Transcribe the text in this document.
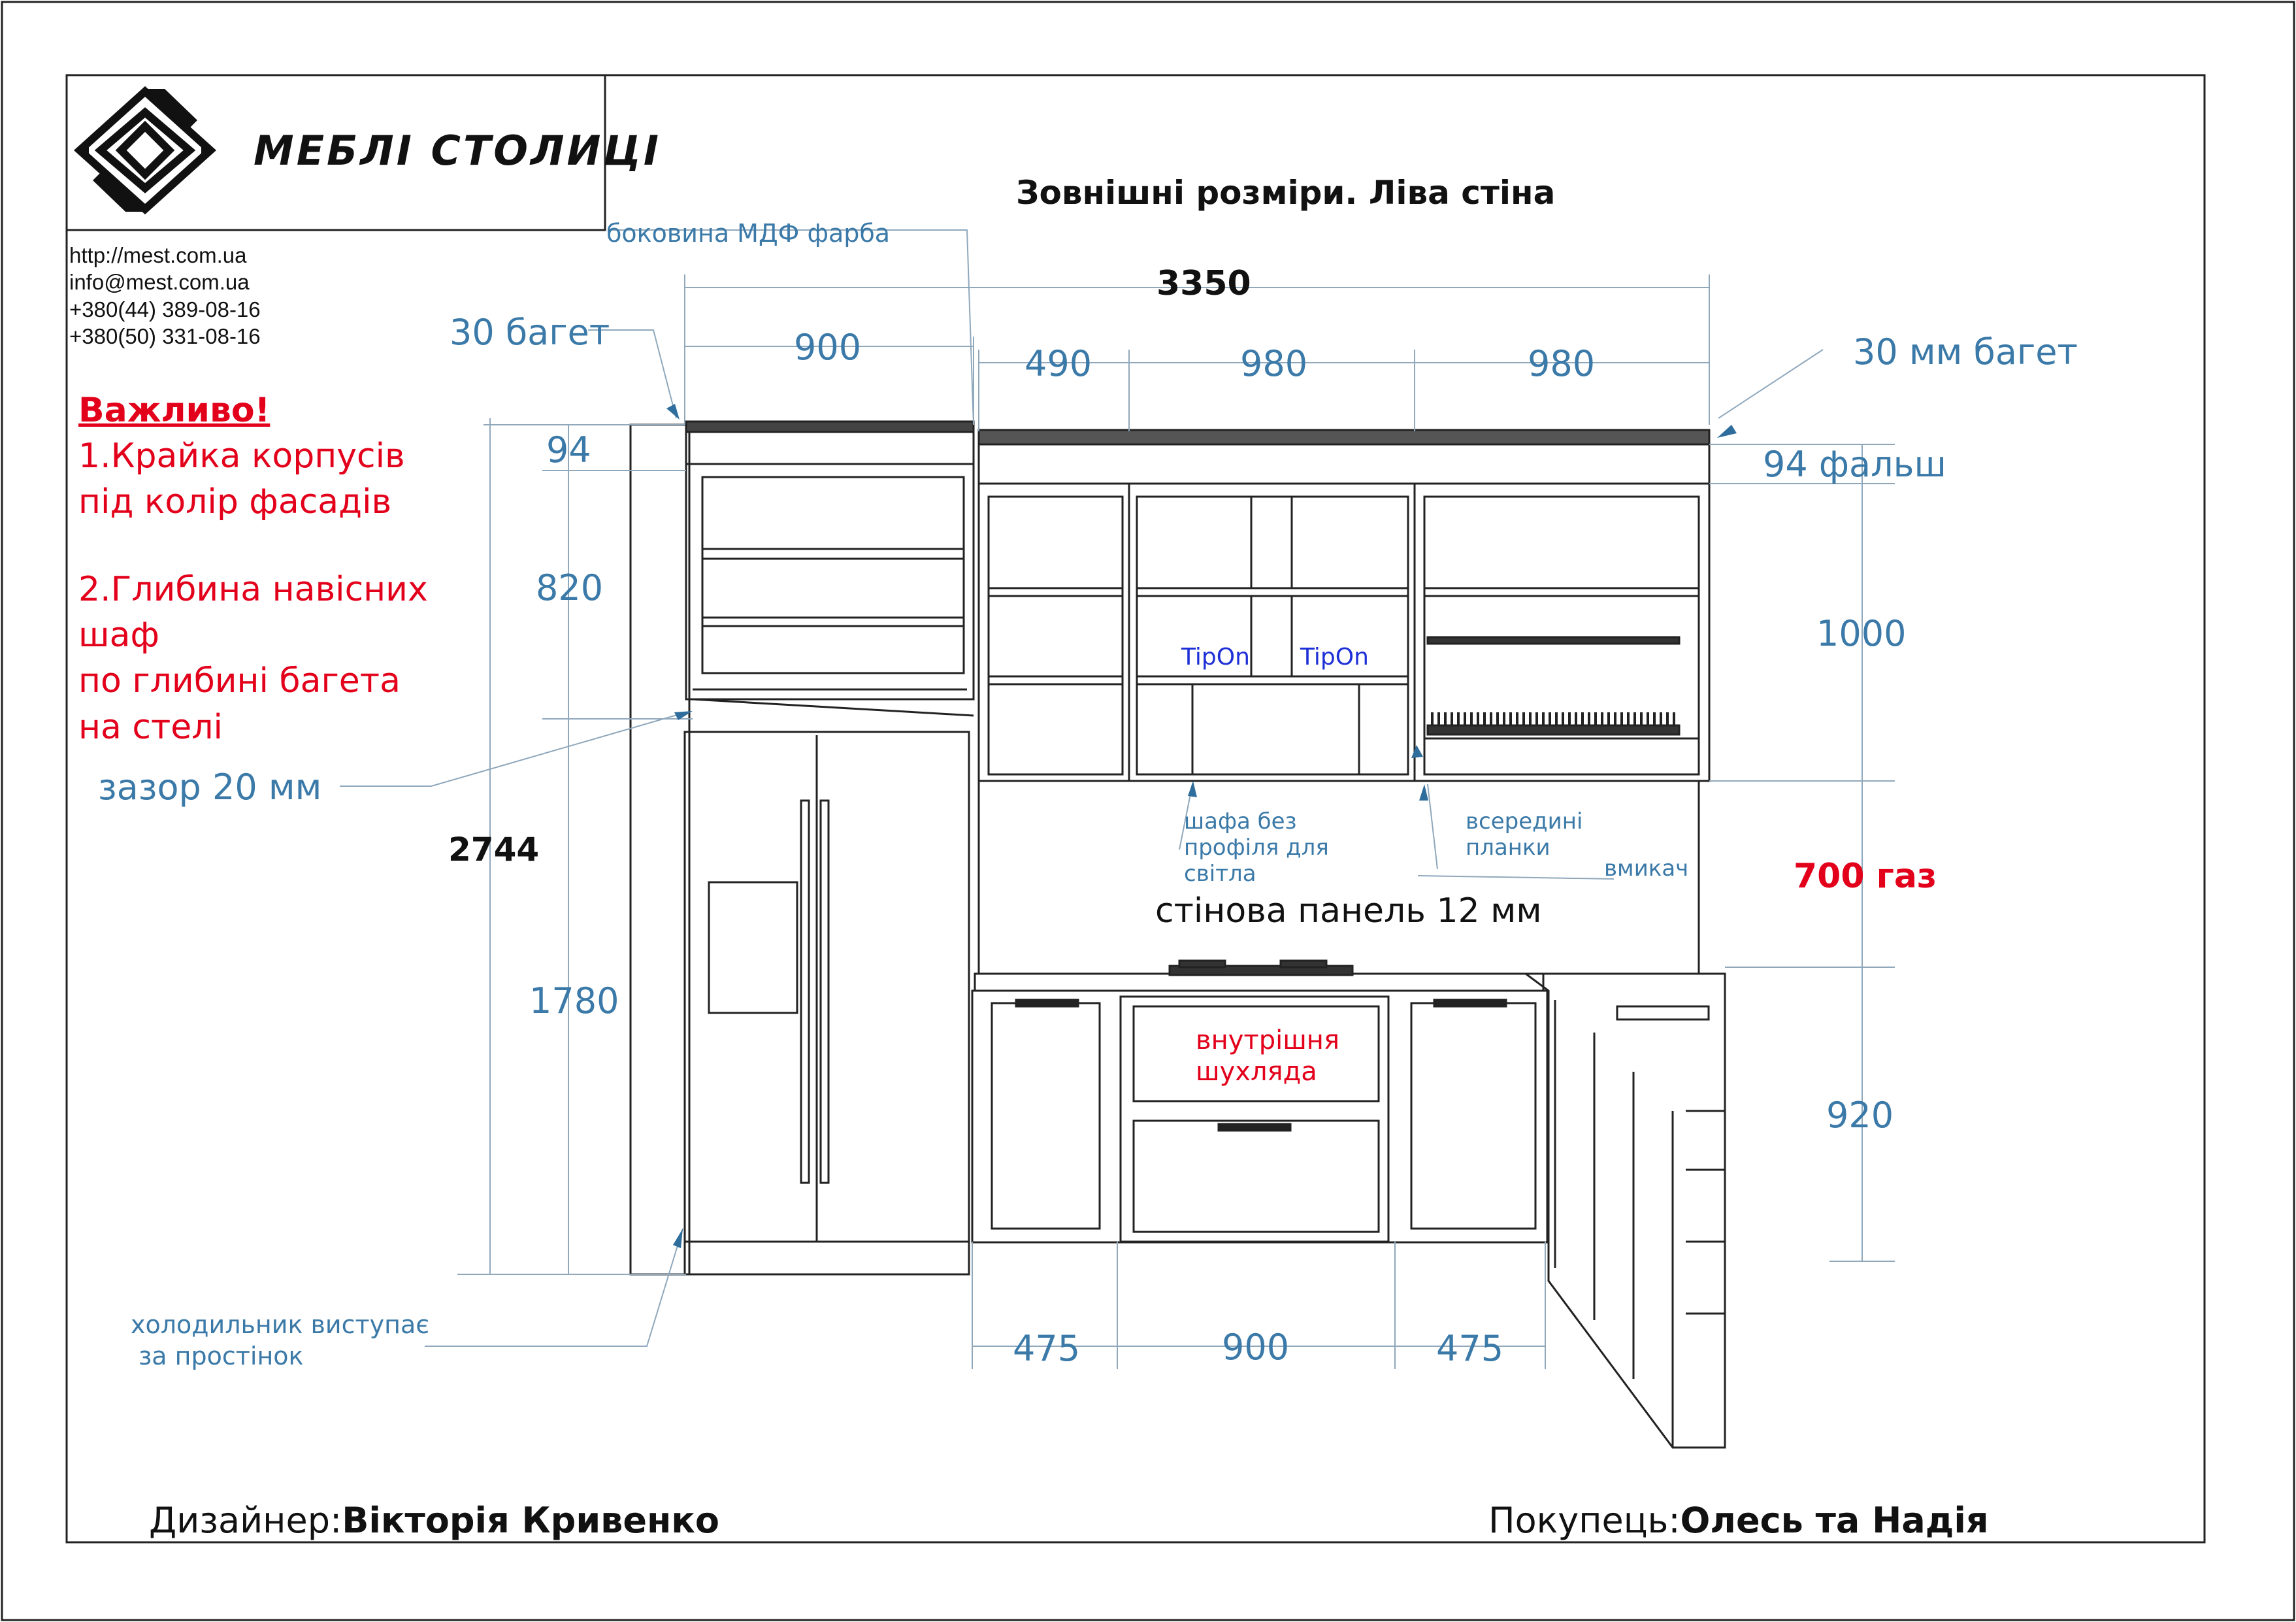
МЕБЛІ СТОЛИЦІ
http://mest.com.ua
info@mest.com.ua
+380(44) 389-08-16
+380(50) 331-08-16
Зовнішні розміри. Ліва стіна
Важливо!
1.Крайка корпусів
під колір фасадів
2.Глибина навісних
шаф
по глибині багета
на стелі
3350
900	490	980	980
2744
94
820
1780
1000
920
475	900	475
боковина МДФ фарба
30 багет	30 мм багет
94 фальш
зазор 20 мм
700 газ
стінова панель 12 мм
внутрішня
шухляда
TipOn TipOn
шафа без
профіля для
світла
всередині
планки
вмикач
холодильник виступає
за простінок
Дизайнер:Вікторія Кривенко	Покупець:Олесь та Надія
